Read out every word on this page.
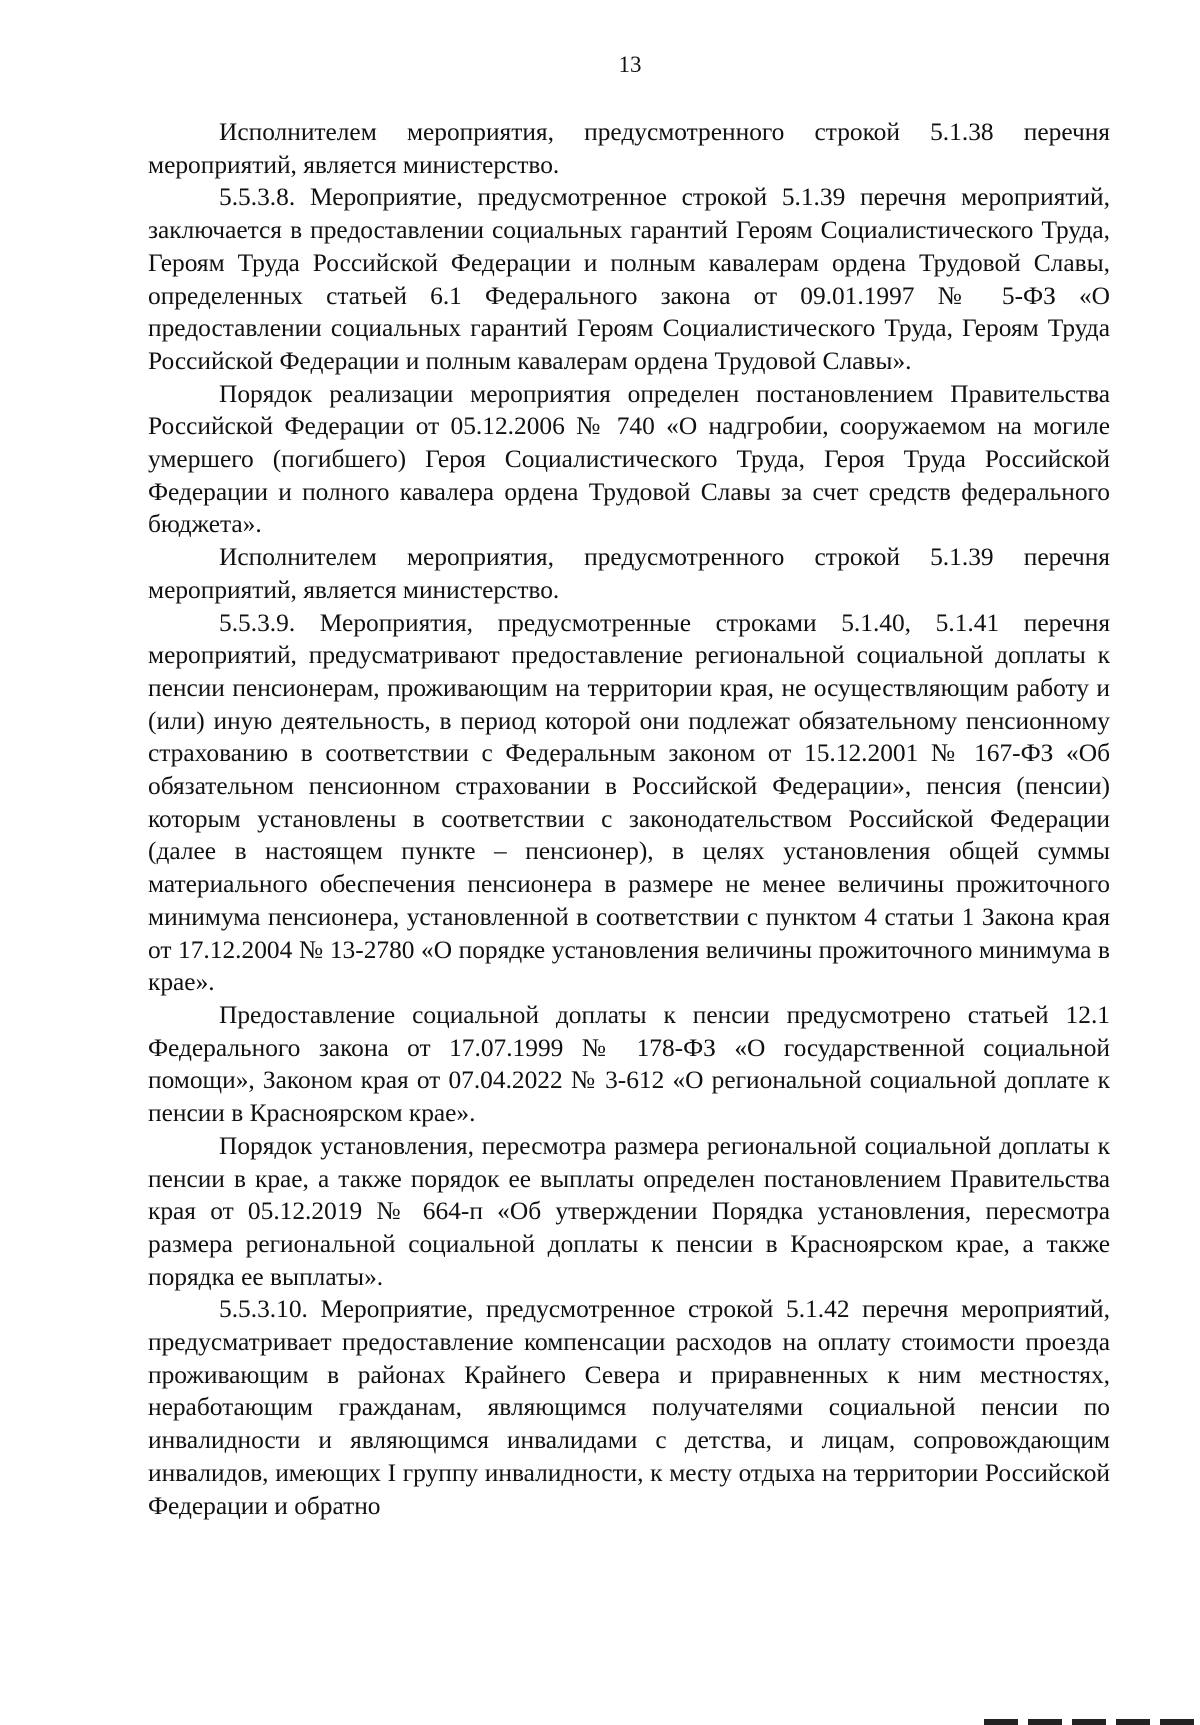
13

Исполнителем мероприятия, предусмотренного строкой 5.1.38 перечня мероприятий, является министерство.

5.5.3.8. Мероприятие, предусмотренное строкой 5.1.39 перечня мероприятий, заключается в предоставлении социальных гарантий Героям Социалистического Труда, Героям Труда Российской Федерации и полным кавалерам ордена Трудовой Славы, определенных статьей 6.1 Федерального закона от 09.01.1997 № 5-ФЗ «О предоставлении социальных гарантий Героям Социалистического Труда, Героям Труда Российской Федерации и полным кавалерам ордена Трудовой Славы».

Порядок реализации мероприятия определен постановлением Правительства Российской Федерации от 05.12.2006 № 740 «О надгробии, сооружаемом на могиле умершего (погибшего) Героя Социалистического Труда, Героя Труда Российской Федерации и полного кавалера ордена Трудовой Славы за счет средств федерального бюджета».

Исполнителем мероприятия, предусмотренного строкой 5.1.39 перечня мероприятий, является министерство.

5.5.3.9. Мероприятия, предусмотренные строками 5.1.40, 5.1.41 перечня мероприятий, предусматривают предоставление региональной социальной доплаты к пенсии пенсионерам, проживающим на территории края, не осуществляющим работу и (или) иную деятельность, в период которой они подлежат обязательному пенсионному страхованию в соответствии с Федеральным законом от 15.12.2001 № 167-ФЗ «Об обязательном пенсионном страховании в Российской Федерации», пенсия (пенсии) которым установлены в соответствии с законодательством Российской Федерации (далее в настоящем пункте – пенсионер), в целях установления общей суммы материального обеспечения пенсионера в размере не менее величины прожиточного минимума пенсионера, установленной в соответствии с пунктом 4 статьи 1 Закона края от 17.12.2004 № 13-2780 «О порядке установления величины прожиточного минимума в крае».

Предоставление социальной доплаты к пенсии предусмотрено статьей 12.1 Федерального закона от 17.07.1999 № 178-ФЗ «О государственной социальной помощи», Законом края от 07.04.2022 № 3-612 «О региональной социальной доплате к пенсии в Красноярском крае».

Порядок установления, пересмотра размера региональной социальной доплаты к пенсии в крае, а также порядок ее выплаты определен постановлением Правительства края от 05.12.2019 № 664-п «Об утверждении Порядка установления, пересмотра размера региональной социальной доплаты к пенсии в Красноярском крае, а также порядка ее выплаты».

5.5.3.10. Мероприятие, предусмотренное строкой 5.1.42 перечня мероприятий, предусматривает предоставление компенсации расходов на оплату стоимости проезда проживающим в районах Крайнего Севера и приравненных к ним местностях, неработающим гражданам, являющимся получателями социальной пенсии по инвалидности и являющимся инвалидами с детства, и лицам, сопровождающим инвалидов, имеющих I группу инвалидности, к месту отдыха на территории Российской Федерации и обратно
